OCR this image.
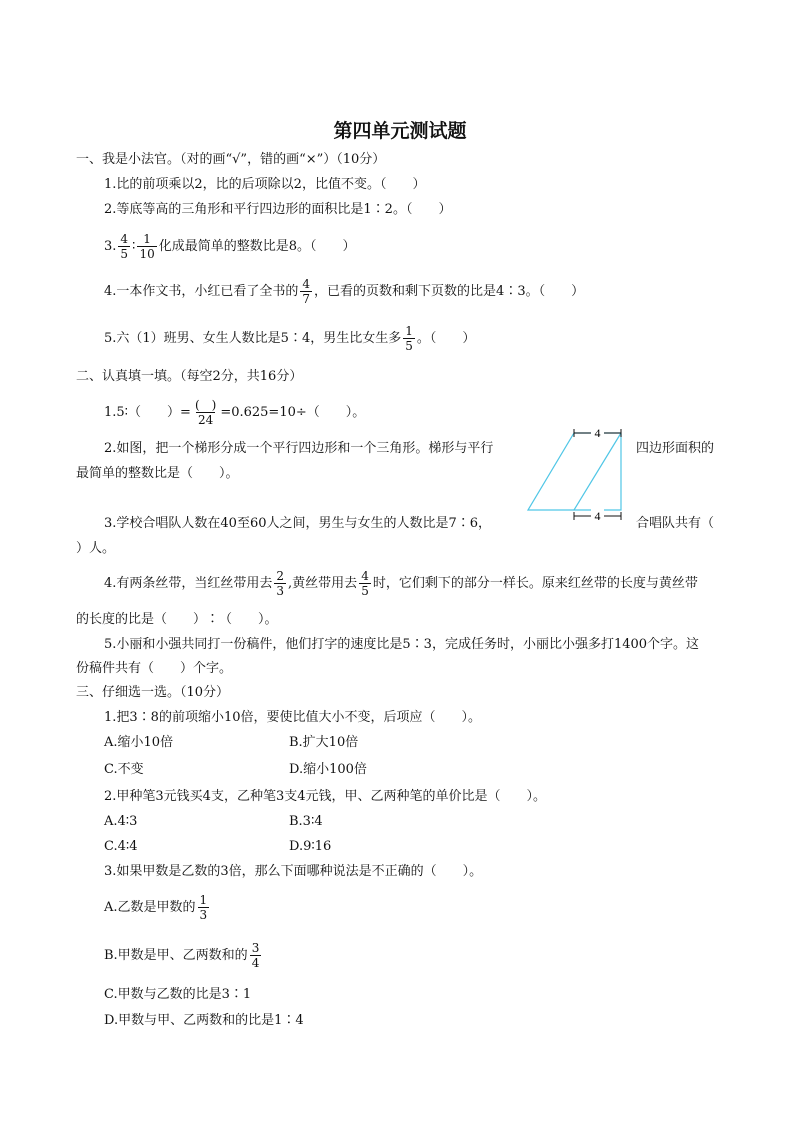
第四单元测试题
一、我是小法官。（对的画“√”，错的画“×”）（10分）
1.比的前项乘以2，比的后项除以2，比值不变。（　　）
2.等底等高的三角形和平行四边形的面积比是1∶2。（　　）
3. $\frac{4}{5}$ ∶ $\frac{1}{10}$ 化成最简单的整数比是8。（　　）
4.一本作文书，小红已看了全书的 $\frac{4}{7}$ ，已看的页数和剩下页数的比是4∶3。（　　）
5.六（1）班男、女生人数比是5∶4，男生比女生多 $\frac{1}{5}$ 。（　　）
二、认真填一填。（每空2分，共16分）
1.5∶（　　）= $\frac{( )}{24} =0.625=10\div$（　　）。
2.如图，把一个梯形分成一个平行四边形和一个三角形。梯形与平行	四边形面积的
最简单的整数比是（　　）。
4
4
3.学校合唱队人数在40至60人之间，男生与女生的人数比是7∶6，	合唱队共有（
）人。
4.有两条丝带，当红丝带用去 $\frac{2}{3}$ ,黄丝带用去 $\frac{4}{5}$ 时，它们剩下的部分一样长。原来红丝带的长度与黄丝带
的长度的比是（　　）∶（　　）。
5.小丽和小强共同打一份稿件，他们打字的速度比是5∶3，完成任务时，小丽比小强多打1400个字。这
份稿件共有（　　）个字。
三、仔细选一选。（10分）
1.把3∶8的前项缩小10倍，要使比值大小不变，后项应（　　）。
A.缩小10倍	B.扩大10倍
C.不变	D.缩小100倍
2.甲种笔3元钱买4支，乙种笔3支4元钱，甲、乙两种笔的单价比是（　　）。
A.4∶3	B.3∶4
C.4∶4	D.9∶16
3.如果甲数是乙数的3倍，那么下面哪种说法是不正确的（　　）。
A.乙数是甲数的 $\frac{1}{3}$
B.甲数是甲、乙两数和的 $\frac{3}{4}$
C.甲数与乙数的比是3∶1
D.甲数与甲、乙两数和的比是1∶4
